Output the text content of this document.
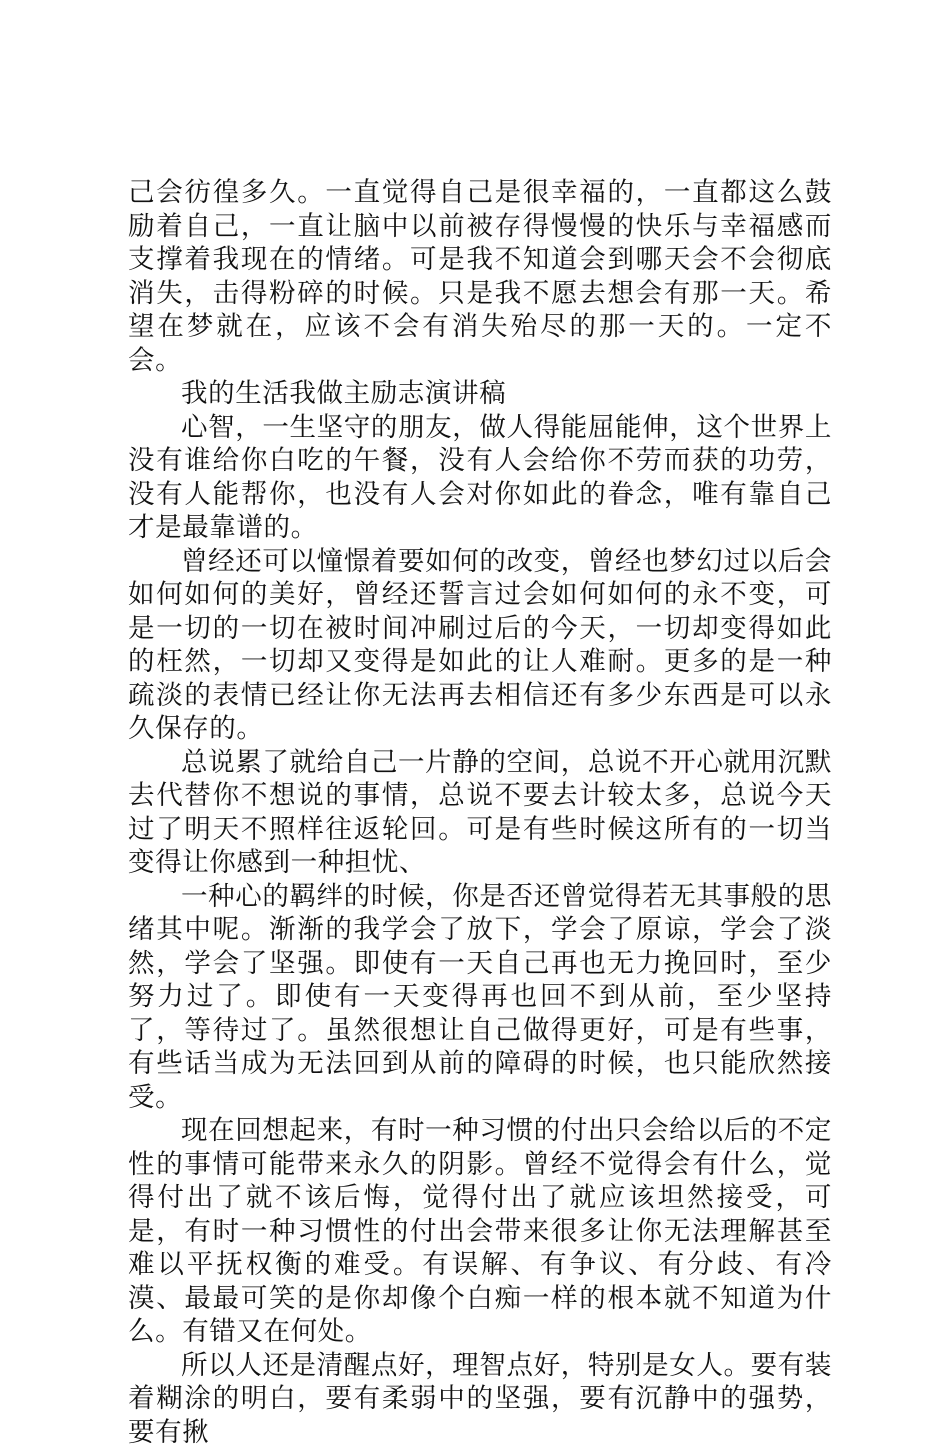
己会彷徨多久。一直觉得自己是很幸福的，一直都这么鼓励着自己，一直让脑中以前被存得慢慢的快乐与幸福感而支撑着我现在的情绪。可是我不知道会到哪天会不会彻底消失，击得粉碎的时候。只是我不愿去想会有那一天。希望在梦就在，应该不会有消失殆尽的那一天的。一定不会。

我的生活我做主励志演讲稿

心智，一生坚守的朋友，做人得能屈能伸，这个世界上没有谁给你白吃的午餐，没有人会给你不劳而获的功劳，没有人能帮你，也没有人会对你如此的眷念，唯有靠自己才是最靠谱的。

曾经还可以憧憬着要如何的改变，曾经也梦幻过以后会如何如何的美好，曾经还誓言过会如何如何的永不变，可是一切的一切在被时间冲刷过后的今天，一切却变得如此的枉然，一切却又变得是如此的让人难耐。更多的是一种疏淡的表情已经让你无法再去相信还有多少东西是可以永久保存的。

总说累了就给自己一片静的空间，总说不开心就用沉默去代替你不想说的事情，总说不要去计较太多，总说今天过了明天不照样往返轮回。可是有些时候这所有的一切当变得让你感到一种担忧、

一种心的羁绊的时候，你是否还曾觉得若无其事般的思绪其中呢。渐渐的我学会了放下，学会了原谅，学会了淡然，学会了坚强。即使有一天自己再也无力挽回时，至少努力过了。即使有一天变得再也回不到从前，至少坚持了，等待过了。虽然很想让自己做得更好，可是有些事，有些话当成为无法回到从前的障碍的时候，也只能欣然接受。

现在回想起来，有时一种习惯的付出只会给以后的不定性的事情可能带来永久的阴影。曾经不觉得会有什么，觉得付出了就不该后悔，觉得付出了就应该坦然接受，可是，有时一种习惯性的付出会带来很多让你无法理解甚至难以平抚权衡的难受。有误解、有争议、有分歧、有冷漠、最最可笑的是你却像个白痴一样的根本就不知道为什么。有错又在何处。

所以人还是清醒点好，理智点好，特别是女人。要有装着糊涂的明白，要有柔弱中的坚强，要有沉静中的强势，要有揪
